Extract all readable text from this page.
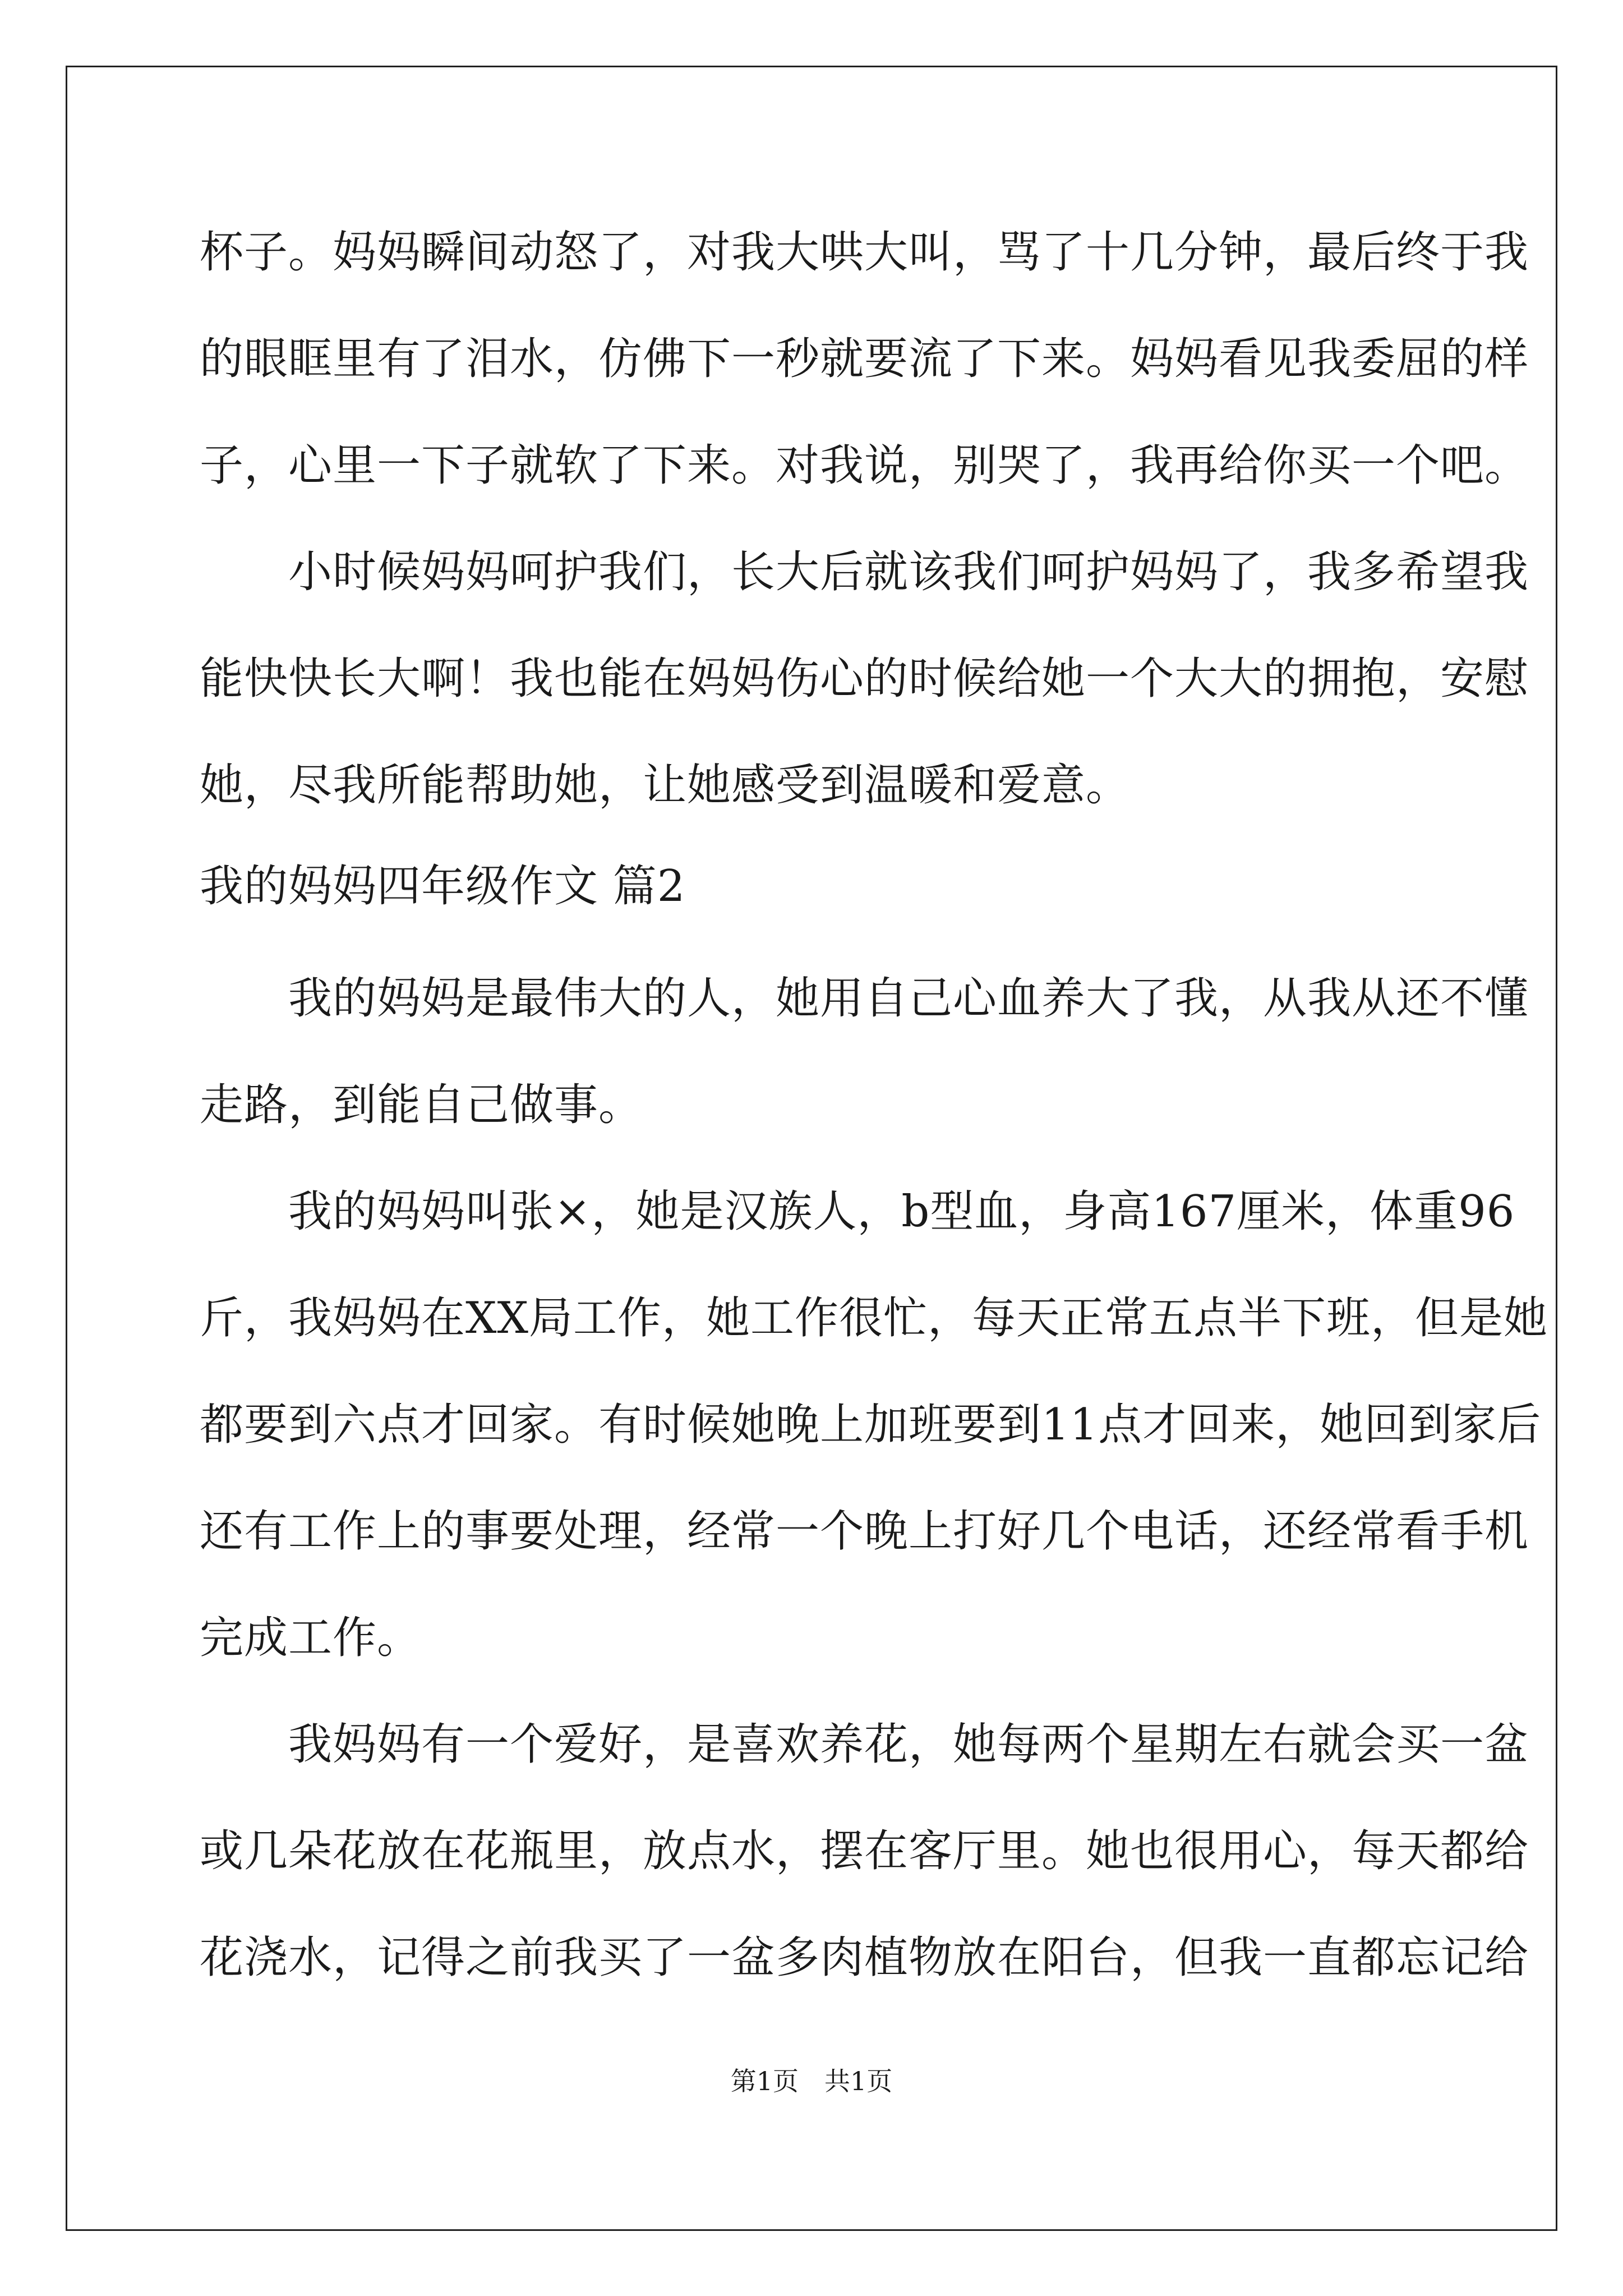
杯子。妈妈瞬间动怒了，对我大哄大叫，骂了十几分钟，最后终于我
的眼眶里有了泪水，仿佛下一秒就要流了下来。妈妈看见我委屈的样
子，心里一下子就软了下来。对我说，别哭了，我再给你买一个吧。
　　小时候妈妈呵护我们，长大后就该我们呵护妈妈了，我多希望我
能快快长大啊！我也能在妈妈伤心的时候给她一个大大的拥抱，安慰
她，尽我所能帮助她，让她感受到温暖和爱意。
我的妈妈四年级作文 篇2
　　我的妈妈是最伟大的人，她用自己心血养大了我，从我从还不懂
走路，到能自己做事。
　　我的妈妈叫张×，她是汉族人，b型血，身高167厘米，体重96
斤，我妈妈在XX局工作，她工作很忙，每天正常五点半下班，但是她
都要到六点才回家。有时候她晚上加班要到11点才回来，她回到家后
还有工作上的事要处理，经常一个晚上打好几个电话，还经常看手机
完成工作。
　　我妈妈有一个爱好，是喜欢养花，她每两个星期左右就会买一盆
或几朵花放在花瓶里，放点水，摆在客厅里。她也很用心，每天都给
花浇水，记得之前我买了一盆多肉植物放在阳台，但我一直都忘记给
第1页　共1页
